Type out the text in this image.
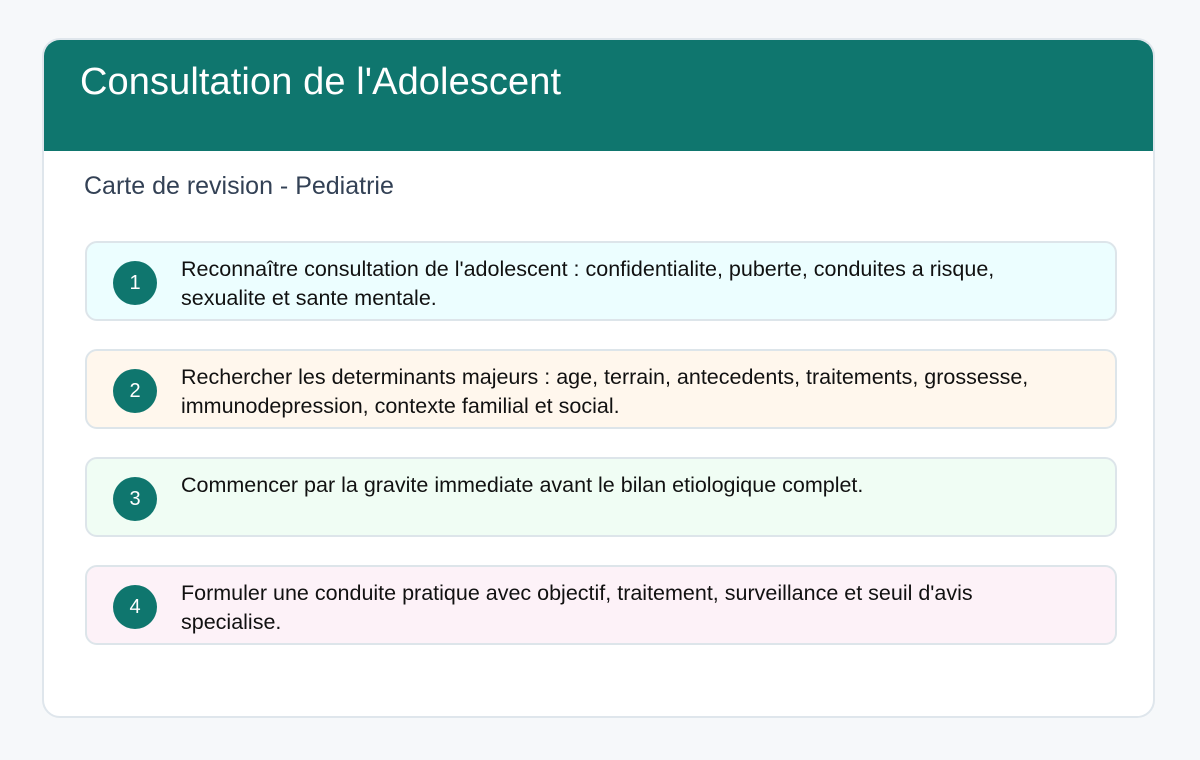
Consultation de l'Adolescent

Carte de revision - Pediatrie

1

Reconnaître consultation de l'adolescent : confidentialite, puberte, conduites a risque, sexualite et sante mentale.

2

Rechercher les determinants majeurs : age, terrain, antecedents, traitements, grossesse, immunodepression, contexte familial et social.

3

Commencer par la gravite immediate avant le bilan etiologique complet.

4

Formuler une conduite pratique avec objectif, traitement, surveillance et seuil d'avis specialise.
